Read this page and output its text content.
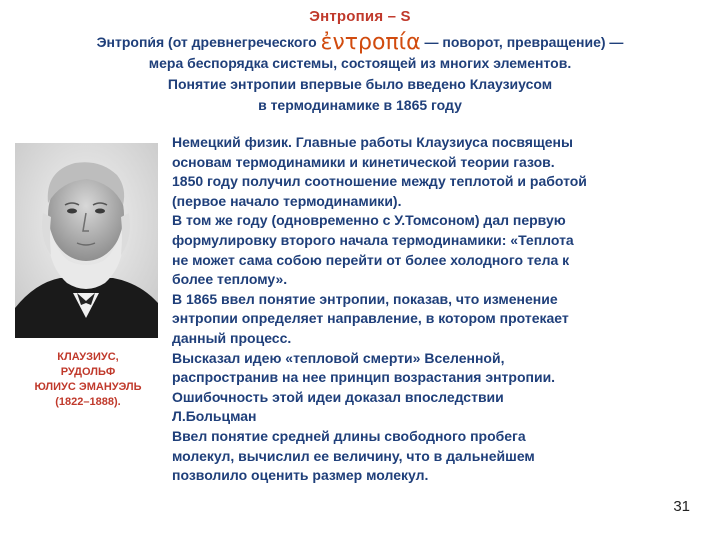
Энтропия – S
Энтропи́я (от древнегреческого ἐντροπία — поворот, превращение) —
мера беспорядка системы, состоящей из многих элементов.
Понятие энтропии впервые было введено Клаузиусом
в термодинамике в 1865 году
КЛАУЗИУС,
РУДОЛЬФ
ЮЛИУС ЭМАНУЭЛЬ
(1822–1888).
Немецкий физик. Главные работы Клаузиуса посвящены
основам термодинамики и кинетической теории газов.
1850 году получил соотношение между теплотой и работой
(первое начало термодинамики).
В том же году (одновременно с У.Томсоном) дал первую
формулировку второго начала термодинамики: «Теплота
не может сама собою перейти от более холодного тела к
более теплому».
В 1865 ввел понятие энтропии, показав, что изменение
энтропии определяет направление, в котором протекает
данный процесс.
Высказал идею «тепловой смерти» Вселенной,
распространив на нее принцип возрастания энтропии.
Ошибочность этой идеи доказал впоследствии
Л.Больцман
Ввел понятие средней длины свободного пробега
молекул, вычислил ее величину, что в дальнейшем
позволило оценить размер молекул.
31
